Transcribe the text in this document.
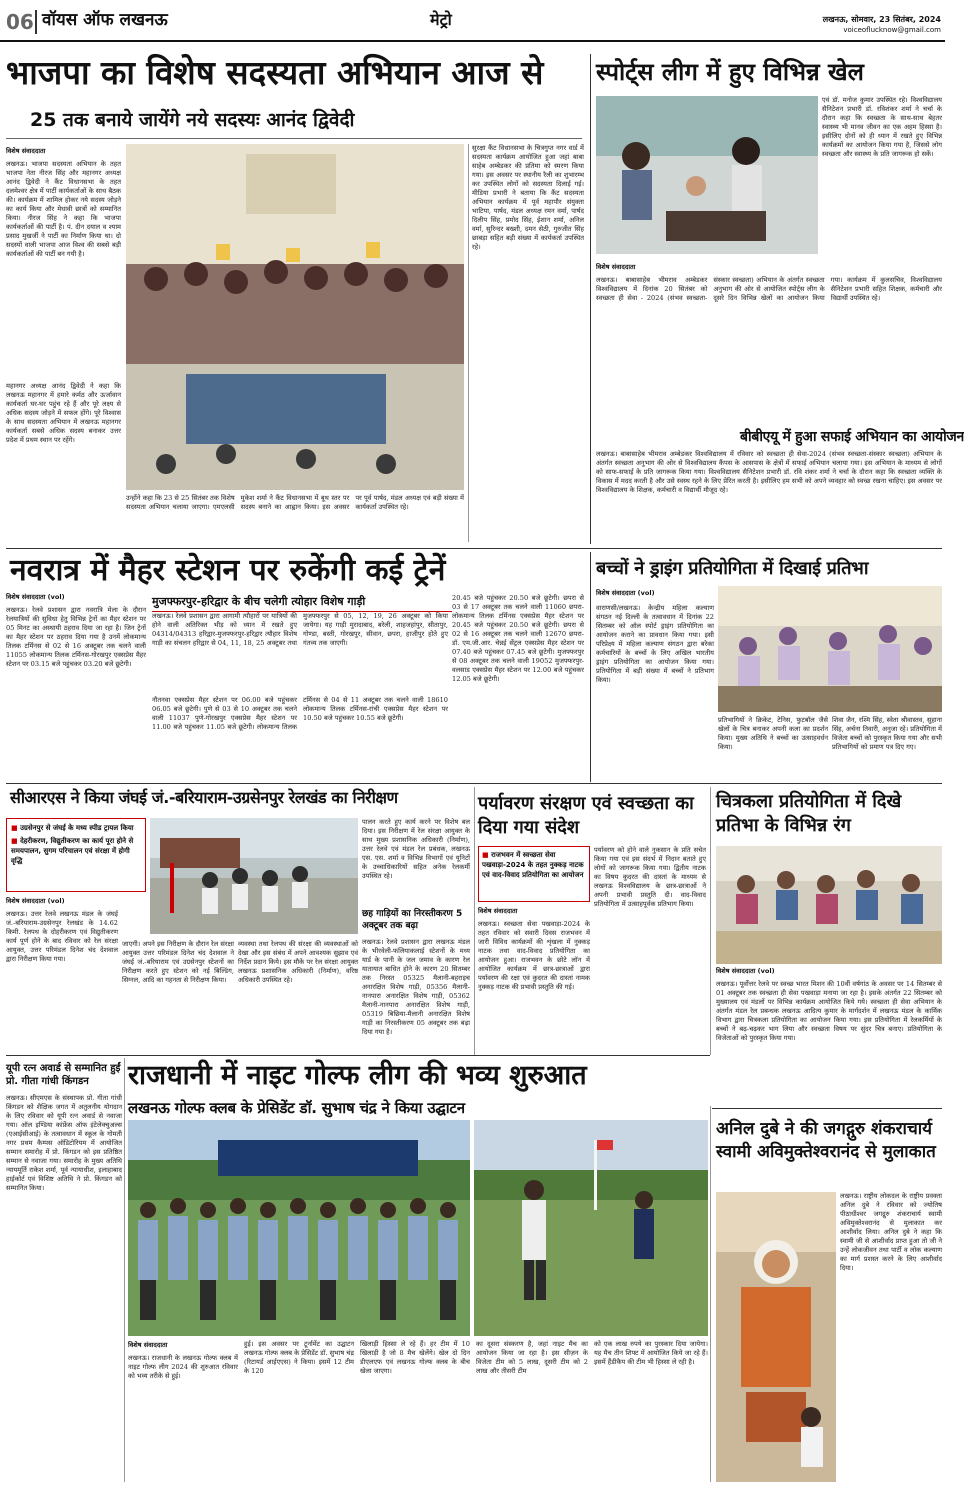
06 वॉयस ऑफ लखनऊ	मेट्रो	लखनऊ, सोमवार, 23 सितंबर, 2024
voiceoflucknow@gmail.com
भाजपा का विशेष सदस्यता अभियान आज से
25 तक बनाये जायेंगे नये सदस्यः आनंद द्विवेदी
विशेष संवाददाता
लखनऊ। भाजपा सदस्यता अभियान के तहत भाजपा नेता नीरज सिंह और महानगर अध्यक्ष आनंद द्विवेदी ने कैंट विधानसभा के तहत दलमेश्वर क्षेत्र में पार्टी कार्यकर्ताओं के साथ बैठक की। कार्यक्रम में शामिल होकर नये सदस्य जोड़ने का कार्य किया और मेधावी छात्रों को सम्मानित किया। नीरज सिंह ने कहा कि भाजपा कार्यकर्ताओं की पार्टी है। पं. दीन दयाल व श्याम प्रसाद मुखर्जी ने पार्टी का निर्माण किया था। दो सदस्यों वाली भाजपा आज विश्व की सबसे बड़ी कार्यकर्ताओं की पार्टी बन गयी है।
महानगर अध्यक्ष आनंद द्विवेदी ने कहा कि लखनऊ महानगर में हमारे कर्मठ और ऊर्जावान कार्यकर्ता घर-घर पहुंच रहे हैं और पूरे लक्ष्य से अधिक सदस्य जोड़ने में सफल होंगे। पूरे विश्वास के साथ सदस्यता अभियान में लखनऊ महानगर कार्यकर्ता सबसे अधिक सदस्य बनाकर उत्तर प्रदेश में प्रथम स्थान पर रहेंगे।
उन्होंने कहा कि 23 से 25 सितंबर तक विशेष सदस्यता अभियान चलाया जाएगा। एमएलसी मुकेश शर्मा ने कैंट विधानसभा में बूथ स्तर पर सदस्य बनाने का आह्वान किया। इस अवसर पर पूर्व पार्षद, मंडल अध्यक्ष एवं बड़ी संख्या में कार्यकर्ता उपस्थित रहे।
सुरक्षा कैंट विधानसभा के चित्रगुप्त नगर वार्ड में सदस्यता कार्यक्रम आयोजित हुआ जहां बाबा साहेब अम्बेडकर की प्रतिमा को स्मरण किया गया। इस अवसर पर स्थानीय रैली का शुभारम्भ कर उपस्थित लोगों को सदस्यता दिलाई गई। मीडिया प्रभारी ने बताया कि कैंट सदस्यता अभियान कार्यक्रम में पूर्व महापौर संयुक्ता भाटिया, पार्षद, मंडल अध्यक्ष रमन वर्मा, पार्षद दिलीप सिंह, प्रमोद सिंह, ईशान शर्मा, अनिल वर्मा, सुरिन्दर बख्शी, दमन सेठी, गुरुजीत सिंह छाबड़ा सहित बड़ी संख्या में कार्यकर्ता उपस्थित रहे।
स्पोर्ट्स लीग में हुए विभिन्न खेल
एवं डॉ. मनोज कुमार उपस्थित रहे। विश्वविद्यालय सैनिटेशन प्रभारी डॉ. रविशंकर शर्मा ने चर्चा के दौरान कहा कि स्वच्छता के साथ-साथ बेहतर स्वास्थ्य भी मानव जीवन का एक अहम हिस्सा है। इसीलिए दोनों को ही ध्यान में रखते हुए विभिन्न कार्यक्रमों का आयोजन किया गया है, जिससे लोग स्वच्छता और स्वास्थ्य के प्रति जागरूक हो सकें।
विशेष संवाददाता
लखनऊ। बाबासाहेब भीमराव अम्बेडकर विश्वविद्यालय में दिनांक 20 सितंबर को स्वच्छता ही सेवा - 2024 (संभव स्वच्छता-संस्कार स्वच्छता) अभियान के अंतर्गत स्वच्छता अनुभाग की ओर से आयोजित स्पोर्ट्स लीग के दूसरे दिन विभिन्न खेलों का आयोजन किया गया। कार्यक्रम में कुलसचिव, विश्वविद्यालय सैनिटेशन प्रभारी सहित शिक्षक, कर्मचारी और विद्यार्थी उपस्थित रहे।
बीबीएयू में हुआ सफाई अभियान का आयोजन
लखनऊ। बाबासाहेब भीमराव अम्बेडकर विश्वविद्यालय में रविवार को स्वच्छता ही सेवा-2024 (संभव स्वच्छता-संस्कार स्वच्छता) अभियान के अंतर्गत स्वच्छता अनुभाग की ओर से विश्वविद्यालय कैंपस के आसपास के क्षेत्रों में सफाई अभियान चलाया गया। इस अभियान के माध्यम से लोगों को साफ-सफाई के प्रति जागरूक किया गया। विश्वविद्यालय सैनिटेशन प्रभारी डॉ. रवि शंकर शर्मा ने चर्चा के दौरान कहा कि स्वच्छता व्यक्ति के विकास में मदद करती है और उसे स्वस्थ रहने के लिए प्रेरित करती है। इसीलिए हम सभी को अपने व्यवहार को स्वच्छ रखना चाहिए। इस अवसर पर विश्वविद्यालय के शिक्षक, कर्मचारी व विद्यार्थी मौजूद रहे।
नवरात्र में मैहर स्टेशन पर रुकेंगी कई ट्रेनें
विशेष संवाददाता (vol)
लखनऊ। रेलवे प्रशासन द्वारा नवरात्रि मेला के दौरान रेलयात्रियों की सुविधा हेतु विभिन्न ट्रेनों का मैहर स्टेशन पर 05 मिनट का अस्थायी ठहराव दिया जा रहा है। जिन ट्रेनों का मैहर स्टेशन पर ठहराव दिया गया है उनमें लोकमान्य तिलक टर्मिनस से 02 से 16 अक्टूबर तक चलने वाली 11055 लोकमान्य तिलक टर्मिनस-गोरखपुर एक्सप्रेस मैहर स्टेशन पर 03.15 बजे पहुंचकर 03.20 बजे छूटेगी।
मुजफ्फरपुर-हरिद्वार के बीच चलेगी त्योहार विशेष गाड़ी
लखनऊ। रेलवे प्रशासन द्वारा आगामी त्यौहारों पर यात्रियों की होने वाली अतिरिक्त भीड़ को ध्यान में रखते हुए 04314/04313 हरिद्वार-मुजफ्फरपुर-हरिद्वार त्यौहार विशेष गाड़ी का संचलन हरिद्वार से 04, 11, 18, 25 अक्टूबर तथा मुजफ्फरपुर से 05, 12, 19, 26 अक्टूबर को किया जायेगा। यह गाड़ी मुरादाबाद, बरेली, शाहजहांपुर, सीतापुर, गोण्डा, बस्ती, गोरखपुर, सीवान, छपरा, हाजीपुर होते हुए गंतव्य तक जाएगी।
नौतनवा एक्सप्रेस मैहर स्टेशन पर 06.00 बजे पहुंचकर 06.05 बजे छूटेगी। पुणे से 03 से 10 अक्टूबर तक चलने वाली 11037 पुणे-गोरखपुर एक्सप्रेस मैहर स्टेशन पर 11.00 बजे पहुंचकर 11.05 बजे छूटेगी। लोकमान्य तिलक टर्मिनस से 04 से 11 अक्टूबर तक चलने वाली 18610 लोकमान्य तिलक टर्मिनस-रांची एक्सप्रेस मैहर स्टेशन पर 10.50 बजे पहुंचकर 10.55 बजे छूटेगी।
20.45 बजे पहुंचकर 20.50 बजे छूटेगी। छपरा से 03 से 17 अक्टूबर तक चलने वाली 11060 छपरा-लोकमान्य तिलक टर्मिनस एक्सप्रेस मैहर स्टेशन पर 20.45 बजे पहुंचकर 20.50 बजे छूटेगी। छपरा से 02 से 16 अक्टूबर तक चलने वाली 12670 छपरा-डॉ. एम.जी.आर. चेन्नई सेंट्रल एक्सप्रेस मैहर स्टेशन पर 07.40 बजे पहुंचकर 07.45 बजे छूटेगी। मुजफ्फरपुर से 08 अक्टूबर तक चलने वाली 19052 मुजफ्फरपुर-वलसाड एक्सप्रेस मैहर स्टेशन पर 12.00 बजे पहुंचकर 12.05 बजे छूटेगी।
बच्चों ने ड्राइंग प्रतियोगिता में दिखाई प्रतिभा
विशेष संवाददाता (vol)
वाराणसी/लखनऊ। केन्द्रीय महिला कल्याण संगठन नई दिल्ली के तत्वावधान में दिनांक 22 सितम्बर को ऑल स्पोर्ट ड्राइंग प्रतियोगिता का आयोजन कराने का प्रावधान किया गया। इसी परिप्रेक्ष्य में महिला कल्याण संगठन द्वारा बरेका कर्मचारियों के बच्चों के लिए अखिल भारतीय ड्राइंग प्रतियोगिता का आयोजन किया गया। प्रतियोगिता में बड़ी संख्या में बच्चों ने प्रतिभाग किया।
प्रतिभागियों ने क्रिकेट, टेनिस, फुटबॉल जैसे खेलों के चित्र बनाकर अपनी कला का प्रदर्शन किया। मुख्य अतिथि ने बच्चों का उत्साहवर्धन किया।
शिवा जैन, रश्मि सिंह, स्वेता श्रीवास्तव, सुहाना सिंह, अर्चना तिवारी, अनुजा रहे। प्रतियोगिता में विजेता बच्चों को पुरस्कृत किया गया और सभी प्रतिभागियों को प्रमाण पत्र दिए गए।
सीआरएस ने किया जंघई जं.-बरियाराम-उग्रसेनपुर रेलखंड का निरीक्षण
■ उग्रसेनपुर से जंघई के मध्य स्पीड ट्रायल किया
■ देहरीकरण, विद्युतीकरण का कार्य पूरा होने से समयपालन, सुगम परिचालन एवं संरक्षा में होगी वृद्धि
विशेष संवाददाता (vol)
लखनऊ। उत्तर रेलवे लखनऊ मंडल के जंघई जं.-बरियाराम-उग्रसेनपुर रेलखंड के 14.62 किमी. रेलपथ के दोहरीकरण एवं विद्युतीकरण कार्य पूर्ण होने के बाद रविवार को रेल संरक्षा आयुक्त, उत्तर परिमंडल दिनेश चंद देशवाल द्वारा निरीक्षण किया गया।
जाएगी। अपने इस निरीक्षण के दौरान रेल संरक्षा आयुक्त उत्तर परिमंडल दिनेश चंद देशवाल ने जंघई जं.-बरियाराम एवं उग्रसेनपुर स्टेशनों का निरीक्षण करते हुए स्टेशन को नई बिल्डिंग, सिग्नल, आदि का गहनता से निरीक्षण किया।
व्यवस्था तथा रेलपथ की संरक्षा की व्यवस्थाओं को देखा और इस संबंध में अपने आवश्यक सुझाव एवं निर्देश प्रदान किये। इस मौके पर रेल संरक्षा आयुक्त लखनऊ प्रशासनिक अधिकारी (निर्माण), वरिष्ठ अधिकारी उपस्थित रहे।
पालन करते हुए कार्य करने पर विशेष बल दिया। इस निरीक्षण में रेल संरक्षा आयुक्त के साथ मुख्य प्रशासनिक अधिकारी (निर्माण), उत्तर रेलवे एवं मंडल रेल प्रबंधक, लखनऊ एस. एस. शर्मा व विभिन्न विभागों एवं यूनिटों के उच्चाधिकारियों सहित अनेक रेलकर्मी उपस्थित रहे।
छह गाड़ियों का निरस्तीकरण 5 अक्टूबर तक बढ़ा
लखनऊ। रेलवे प्रशासन द्वारा लखनऊ मंडल के भीरवेली-फलियाकलाई स्टेशनों के मध्य यार्ड के पानी के जल जमाव के कारण रेल यातायात बाधित होने के कारण 20 सितम्बर तक निरस्त 05325 मैलानी-बहराइच अनारक्षित विशेष गाड़ी, 05356 मैलानी-नानपारा अनारक्षित विशेष गाड़ी, 05362 मैलानी-नानपारा अनारक्षित विशेष गाड़ी, 05319 बिछिया-मैलानी अनारक्षित विशेष गाड़ी का निरस्तीकरण 05 अक्टूबर तक बढ़ा दिया गया है।
पर्यावरण संरक्षण एवं स्वच्छता का दिया गया संदेश
■ राजभवन में स्वच्छता सेवा पखवाड़ा-2024 के तहत नुक्कड़ नाटक एवं वाद-विवाद प्रतियोगिता का आयोजन
विशेष संवाददाता
लखनऊ। स्वच्छता सेवा पखवाड़ा-2024 के तहत रविवार को सवारी दिवस राजभवन में जारी विविध कार्यक्रमों की शृंखला में नुक्कड़ नाटक तथा वाद-विवाद प्रतियोगिता का आयोजन हुआ। राजभवन के छोटे लॉन में आयोजित कार्यक्रम में छात्र-छात्राओं द्वारा पर्यावरण की रक्षा एवं कुदरत की दास्तां नामक नुक्कड़ नाटक की प्रभावी प्रस्तुति की गई।
पर्यावरण को होने वाले नुकसान के प्रति सचेत किया गया एवं इस संदर्भ में निदान बताते हुए लोगों को जागरूक किया गया। द्वितीय नाटक का विषय कुदरत की दास्तां के माध्यम से लखनऊ विश्वविद्यालय के छात्र-छात्राओं ने अपनी प्रभावी प्रस्तुति दी। वाद-विवाद प्रतियोगिता में उत्साहपूर्वक प्रतिभाग किया।
चित्रकला प्रतियोगिता में दिखे प्रतिभा के विभिन्न रंग
विशेष संवाददाता (vol)
लखनऊ। पूर्वोत्तर रेलवे पर स्वच्छ भारत मिशन की 10वीं वर्षगांठ के अवसर पर 14 सितम्बर से 01 अक्टूबर तक स्वच्छता ही सेवा पखवाड़ा मनाया जा रहा है। इसके अंतर्गत 22 सितम्बर को मुख्यालय एवं मंडलों पर विभिन्न कार्यक्रम आयोजित किये गये। स्वच्छता ही सेवा अभियान के अंतर्गत मंडल रेल प्रबन्धक लखनऊ आदित्य कुमार के मार्गदर्शन में लखनऊ मंडल के कार्मिक विभाग द्वारा चित्रकला प्रतियोगिता का आयोजन किया गया। इस प्रतियोगिता में रेलकर्मियों के बच्चों ने बढ़-चढ़कर भाग लिया और स्वच्छता विषय पर सुंदर चित्र बनाए। प्रतियोगिता के विजेताओं को पुरस्कृत किया गया।
यूपी रत्न अवार्ड से सम्मानित हुईं प्रो. गीता गांधी किंगडन
लखनऊ। सीएमएस के संस्थापक प्रो. गीता गांधी किंगडन को शैक्षिक जगत में अतुलनीय योगदान के लिए रविवार को यूपी रत्न अवार्ड से नवाजा गया। ऑल इण्डिया कांफ्रेंस ऑफ इंटेलेक्चुअल्स (एआईसीआई) के तत्वावधान में स्कूल के गोमती नगर प्रथम कैम्पस ऑडिटोरियम में आयोजित सम्मान समारोह में प्रो. किंगडन को इस प्रतिष्ठित सम्मान से नवाजा गया। समारोह के मुख्य अतिथि न्यायमूर्ति राकेश शर्मा, पूर्व न्यायाधीश, इलाहाबाद हाईकोर्ट एवं विशिष्ट अतिथि ने प्रो. किंगडन को सम्मानित किया।
राजधानी में नाइट गोल्फ लीग की भव्य शुरुआत
लखनऊ गोल्फ क्लब के प्रेसिडेंट डॉ. सुभाष चंद्र ने किया उद्घाटन
विशेष संवाददाता
लखनऊ। राजधानी के लखनऊ गोल्फ क्लब में नाइट गोल्फ लीग 2024 की शुरुआत रविवार को भव्य तरीके से हुई।
हुई। इस अवसर पर टूर्नामेंट का उद्घाटन लखनऊ गोल्फ क्लब के प्रेसिडेंट डॉ. सुभाष चंद्र (रिटायर्ड आईएएस) ने किया। इसमें 12 टीम के 120
खिलाड़ी हिस्सा ले रहे हैं। हर टीम में 10 खिलाड़ी है जो 8 मैच खेलेंगे। खेल दो दिन डीएलएफ एवं लखनऊ गोल्फ क्लब के बीच खेला जाएगा।
का दूसरा संस्करण है, जहां नाइट मैच का आयोजन किया जा रहा है। इस सीज़न के विजेता टीम को 5 लाख, दूसरी टीम को 2 लाख और तीसरी टीम
को एक लाख रुपये का पुरस्कार दिया जायेगा। यह मैच तीन शिफ्ट में आयोजित किये जा रहे हैं। इसमें हैंडीकैप की टीम भी हिस्सा ले रही है।
अनिल दुबे ने की जगद्गुरु शंकराचार्य स्वामी अविमुक्तेश्वरानंद से मुलाकात
लखनऊ। राष्ट्रीय लोकदल के राष्ट्रीय प्रवक्ता अनिल दुबे ने रविवार को ज्योतिष पीठाधीश्वर जगद्गुरु शंकराचार्य स्वामी अविमुक्तेश्वरानंद से मुलाकात कर आशीर्वाद लिया। अनिल दुबे ने कहा कि स्वामी जी से आशीर्वाद प्राप्त हुआ तो जी ने उन्हें लोकजीवन तथा पार्टी व लोक कल्याण का मार्ग प्रशस्त करने के लिए आशीर्वाद दिया।
